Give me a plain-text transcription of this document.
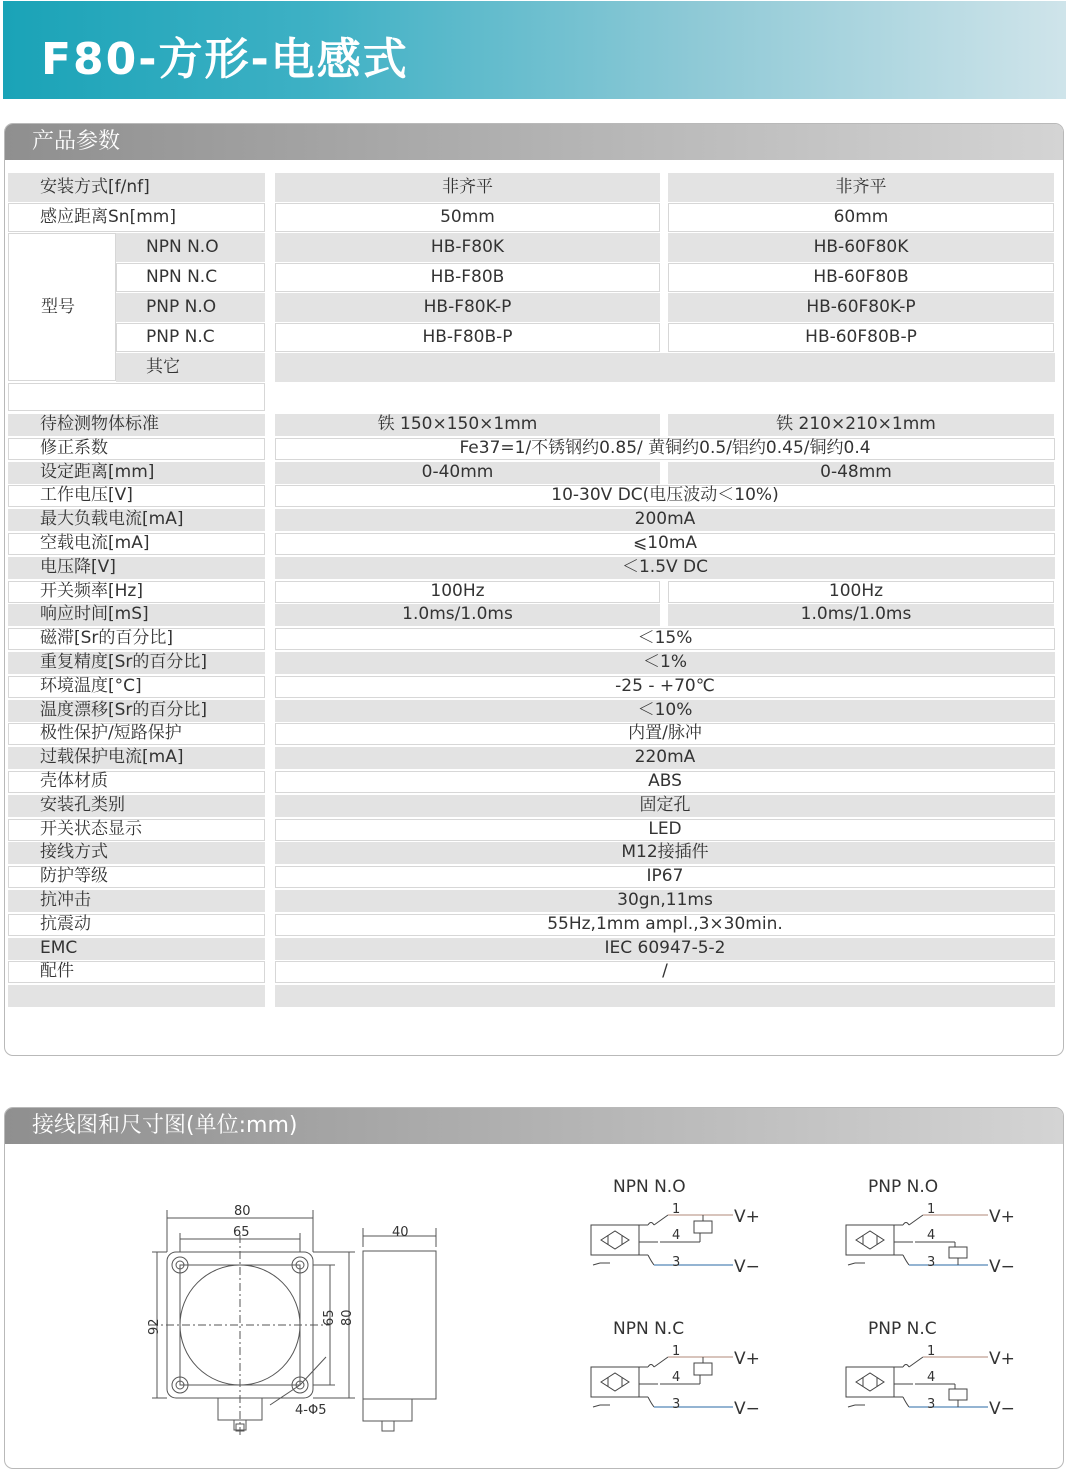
F80-方形-电感式
产品参数
安装方式[f/nf]	非齐平	非齐平
感应距离Sn[mm]	50mm	60mm
型号
NPN N.O	HB-F80K	HB-60F80K
NPN N.C	HB-F80B	HB-60F80B
PNP N.O	HB-F80K-P	HB-60F80K-P
PNP N.C	HB-F80B-P	HB-60F80B-P
其它
待检测物体标准	铁 150×150×1mm	铁 210×210×1mm
修正系数	Fe37=1/不锈钢约0.85/ 黄铜约0.5/铝约0.45/铜约0.4
设定距离[mm]	0-40mm	0-48mm
工作电压[V]	10-30V DC(电压波动＜10%)
最大负载电流[mA]	200mA
空载电流[mA]	⩽10mA
电压降[V]	＜1.5V DC
开关频率[Hz]	100Hz	100Hz
响应时间[mS]	1.0ms/1.0ms	1.0ms/1.0ms
磁滞[Sr的百分比]	＜15%
重复精度[Sr的百分比]	＜1%
环境温度[°C]	-25 - +70℃
温度漂移[Sr的百分比]	＜10%
极性保护/短路保护	内置/脉冲
过载保护电流[mA]	220mA
壳体材质	ABS
安装孔类别	固定孔
开关状态显示	LED
接线方式	M12接插件
防护等级	IP67
抗冲击	30gn,11ms
抗震动	55Hz,1mm ampl.,3×30min.
EMC	IEC 60947-5-2
配件	/
接线图和尺寸图(单位:mm)
80
65
92
65 80
40
4-Φ5
NPN N.O
1
4
3
V+
V−
PNP N.O
1
4
3
V+
V−
NPN N.C
1
4
3
V+
V−
PNP N.C
1
4
3
V+
V−
